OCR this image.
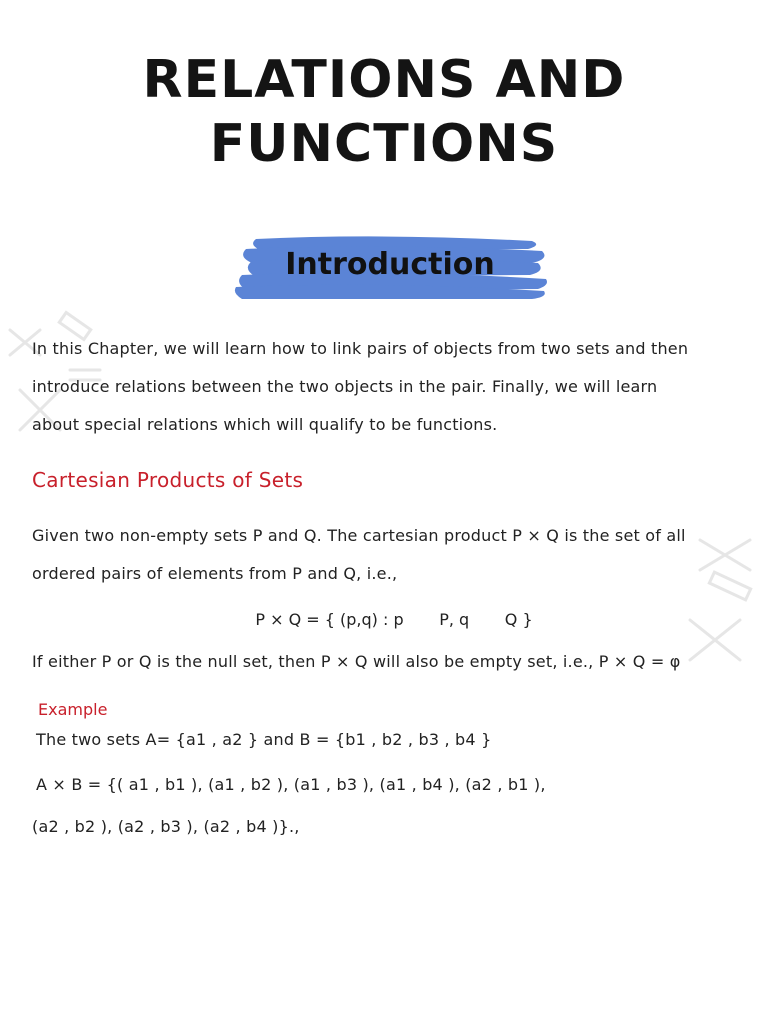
RELATIONS AND
FUNCTIONS
Introduction
In this Chapter, we will learn how to link pairs of objects from two sets and then
introduce relations between the two objects in the pair. Finally, we will learn
about special relations which will qualify to be functions.
Cartesian Products of Sets
Given two non-empty sets P and Q. The cartesian product P × Q is the set of all
ordered pairs of elements from P and Q, i.e.,
P × Q = { (p,q) : p       P, q       Q }
If either P or Q is the null set, then P × Q will also be empty set, i.e., P × Q = φ
Example
The two sets A= {a1 , a2 } and B = {b1 , b2 , b3 , b4 }
A × B = {( a1 , b1 ), (a1 , b2 ), (a1 , b3 ), (a1 , b4 ), (a2 , b1 ),
(a2 , b2 ), (a2 , b3 ), (a2 , b4 )}.,
